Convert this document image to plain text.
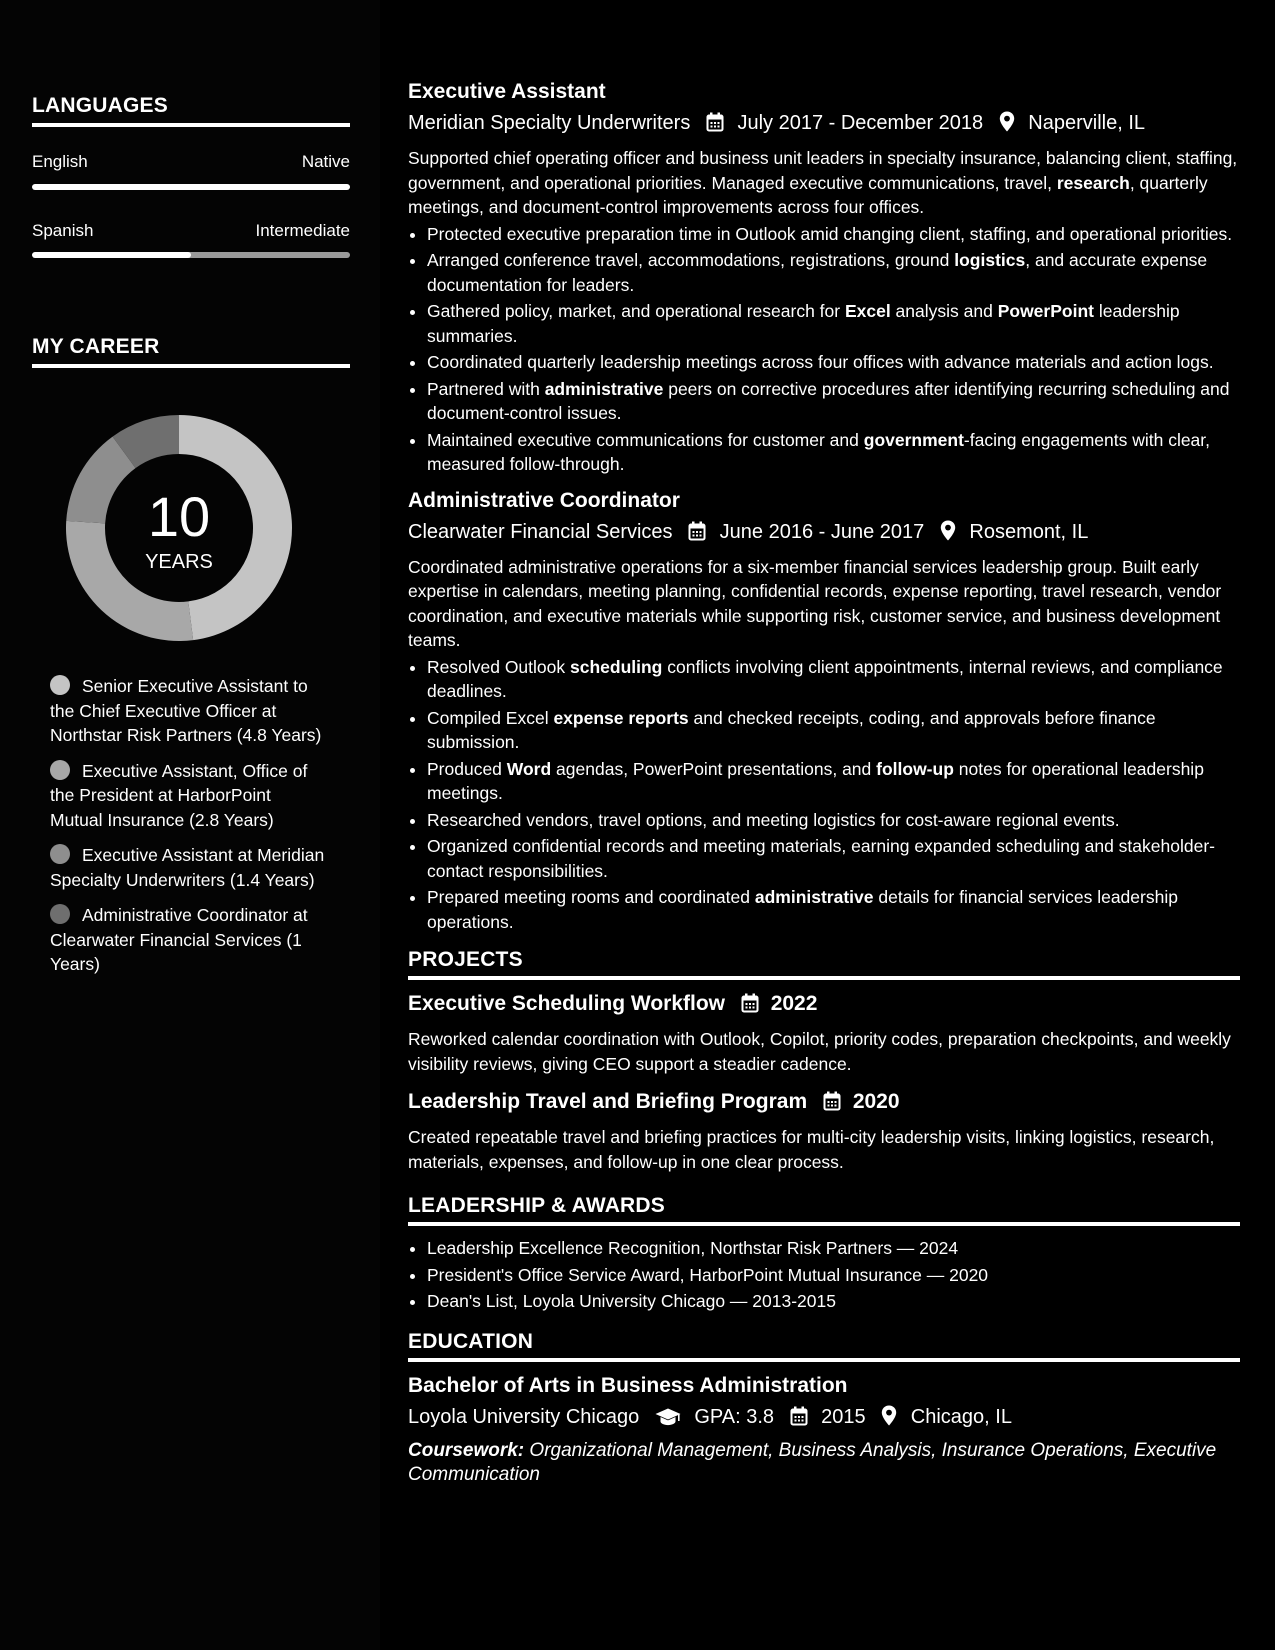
LANGUAGES
English	Native
Spanish	Intermediate
MY CAREER
10
YEARS
Senior Executive Assistant to the Chief Executive Officer at Northstar Risk Partners (4.8 Years)
Executive Assistant, Office of the President at HarborPoint Mutual Insurance (2.8 Years)
Executive Assistant at Meridian Specialty Underwriters (1.4 Years)
Administrative Coordinator at Clearwater Financial Services (1 Years)
Executive Assistant
Meridian Specialty Underwriters July 2017 - December 2018 Naperville, IL
Supported chief operating officer and business unit leaders in specialty insurance, balancing client, staffing, government, and operational priorities. Managed executive communications, travel, research, quarterly meetings, and document-control improvements across four offices.
• Protected executive preparation time in Outlook amid changing client, staffing, and operational priorities.
• Arranged conference travel, accommodations, registrations, ground logistics, and accurate expense documentation for leaders.
• Gathered policy, market, and operational research for Excel analysis and PowerPoint leadership summaries.
• Coordinated quarterly leadership meetings across four offices with advance materials and action logs.
• Partnered with administrative peers on corrective procedures after identifying recurring scheduling and document-control issues.
• Maintained executive communications for customer and government-facing engagements with clear, measured follow-through.
Administrative Coordinator
Clearwater Financial Services June 2016 - June 2017 Rosemont, IL
Coordinated administrative operations for a six-member financial services leadership group. Built early expertise in calendars, meeting planning, confidential records, expense reporting, travel research, vendor coordination, and executive materials while supporting risk, customer service, and business development teams.
• Resolved Outlook scheduling conflicts involving client appointments, internal reviews, and compliance deadlines.
• Compiled Excel expense reports and checked receipts, coding, and approvals before finance submission.
• Produced Word agendas, PowerPoint presentations, and follow-up notes for operational leadership meetings.
• Researched vendors, travel options, and meeting logistics for cost-aware regional events.
• Organized confidential records and meeting materials, earning expanded scheduling and stakeholder-contact responsibilities.
• Prepared meeting rooms and coordinated administrative details for financial services leadership operations.
PROJECTS
Executive Scheduling Workflow 2022
Reworked calendar coordination with Outlook, Copilot, priority codes, preparation checkpoints, and weekly visibility reviews, giving CEO support a steadier cadence.
Leadership Travel and Briefing Program 2020
Created repeatable travel and briefing practices for multi-city leadership visits, linking logistics, research, materials, expenses, and follow-up in one clear process.
LEADERSHIP & AWARDS
• Leadership Excellence Recognition, Northstar Risk Partners — 2024
• President's Office Service Award, HarborPoint Mutual Insurance — 2020
• Dean's List, Loyola University Chicago — 2013-2015
EDUCATION
Bachelor of Arts in Business Administration
Loyola University Chicago	GPA: 3.8 2015 Chicago, IL
Coursework: Organizational Management, Business Analysis, Insurance Operations, Executive Communication
